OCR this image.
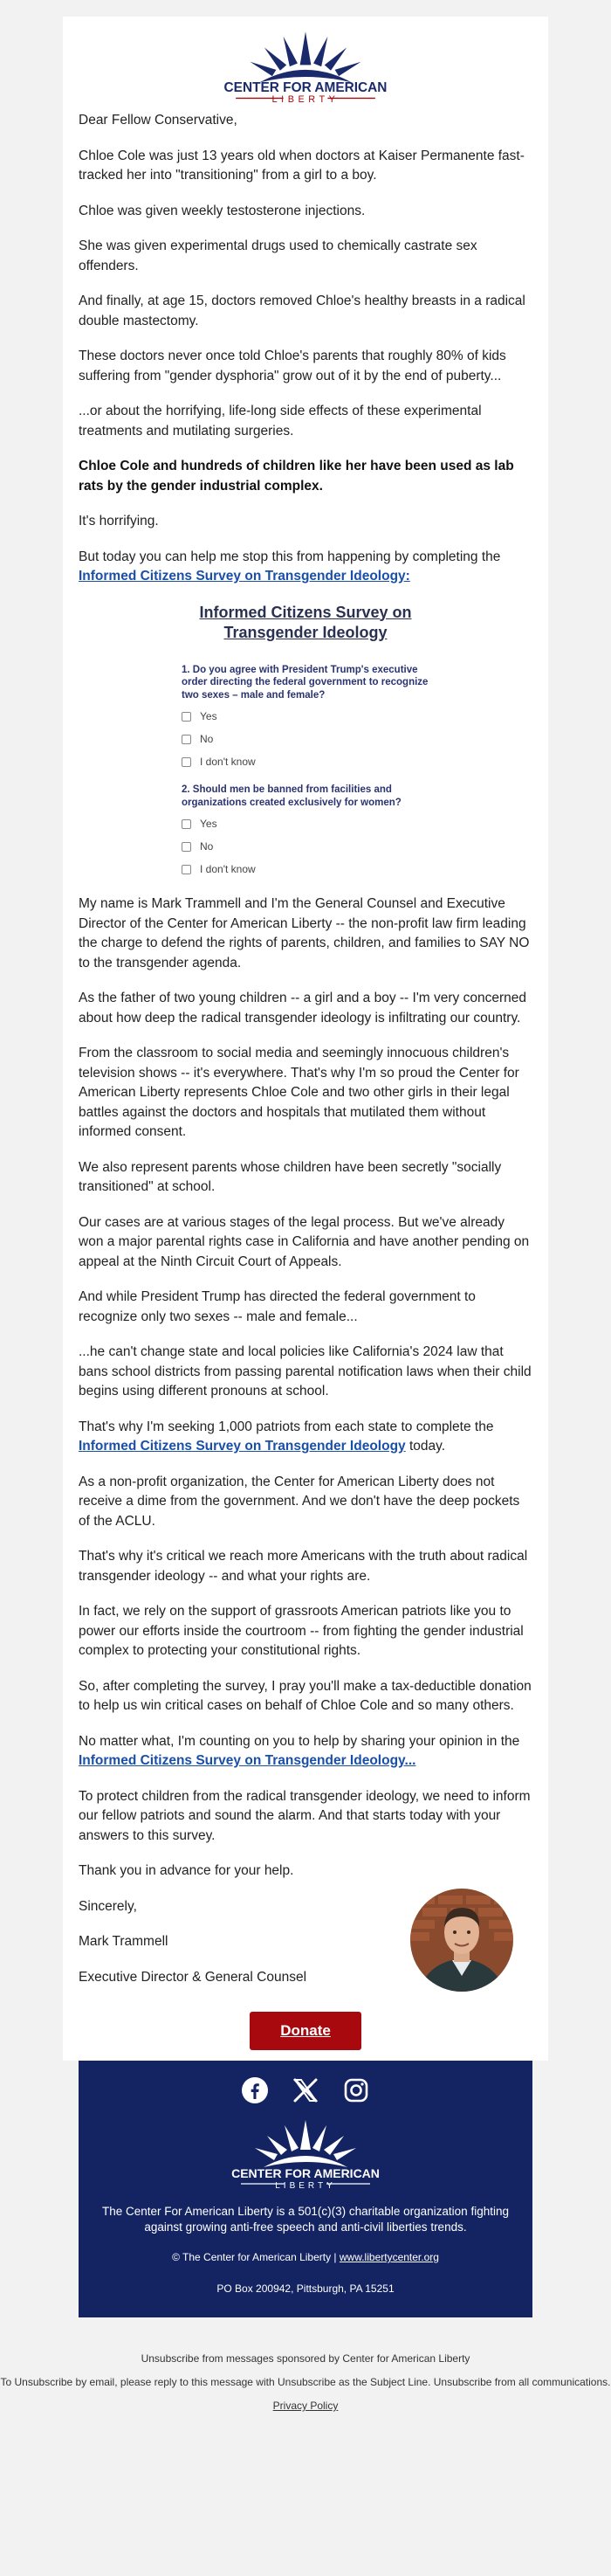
CENTER FOR AMERICAN
LIBERTY

Dear Fellow Conservative,

Chloe Cole was just 13 years old when doctors at Kaiser Permanente fast-tracked her into "transitioning" from a girl to a boy.

Chloe was given weekly testosterone injections.

She was given experimental drugs used to chemically castrate sex offenders.

And finally, at age 15, doctors removed Chloe's healthy breasts in a radical double mastectomy.

These doctors never once told Chloe's parents that roughly 80% of kids suffering from "gender dysphoria" grow out of it by the end of puberty...

...or about the horrifying, life-long side effects of these experimental treatments and mutilating surgeries.

Chloe Cole and hundreds of children like her have been used as lab rats by the gender industrial complex.

It's horrifying.

But today you can help me stop this from happening by completing the Informed Citizens Survey on Transgender Ideology:

Informed Citizens Survey on Transgender Ideology
1. Do you agree with President Trump's executive order directing the federal government to recognize two sexes – male and female?
Yes
No
I don't know
2. Should men be banned from facilities and organizations created exclusively for women?
Yes
No
I don't know

My name is Mark Trammell and I'm the General Counsel and Executive Director of the Center for American Liberty -- the non-profit law firm leading the charge to defend the rights of parents, children, and families to SAY NO to the transgender agenda.

As the father of two young children -- a girl and a boy -- I'm very concerned about how deep the radical transgender ideology is infiltrating our country.

From the classroom to social media and seemingly innocuous children's television shows -- it's everywhere. That's why I'm so proud the Center for American Liberty represents Chloe Cole and two other girls in their legal battles against the doctors and hospitals that mutilated them without informed consent.

We also represent parents whose children have been secretly "socially transitioned" at school.

Our cases are at various stages of the legal process. But we've already won a major parental rights case in California and have another pending on appeal at the Ninth Circuit Court of Appeals.

And while President Trump has directed the federal government to recognize only two sexes -- male and female...

...he can't change state and local policies like California's 2024 law that bans school districts from passing parental notification laws when their child begins using different pronouns at school.

That's why I'm seeking 1,000 patriots from each state to complete the Informed Citizens Survey on Transgender Ideology today.

As a non-profit organization, the Center for American Liberty does not receive a dime from the government. And we don't have the deep pockets of the ACLU.

That's why it's critical we reach more Americans with the truth about radical transgender ideology -- and what your rights are.

In fact, we rely on the support of grassroots American patriots like you to power our efforts inside the courtroom -- from fighting the gender industrial complex to protecting your constitutional rights.

So, after completing the survey, I pray you'll make a tax-deductible donation to help us win critical cases on behalf of Chloe Cole and so many others.

No matter what, I'm counting on you to help by sharing your opinion in the Informed Citizens Survey on Transgender Ideology...

To protect children from the radical transgender ideology, we need to inform our fellow patriots and sound the alarm. And that starts today with your answers to this survey.

Thank you in advance for your help.

Sincerely,

Mark Trammell

Executive Director & General Counsel

Donate
CENTER FOR AMERICAN
LIBERTY
The Center For American Liberty is a 501(c)(3) charitable organization fighting against growing anti-free speech and anti-civil liberties trends.
© The Center for American Liberty | www.libertycenter.org
PO Box 200942, Pittsburgh, PA 15251
Unsubscribe from messages sponsored by Center for American Liberty
To Unsubscribe by email, please reply to this message with Unsubscribe as the Subject Line. Unsubscribe from all communications.
Privacy Policy
